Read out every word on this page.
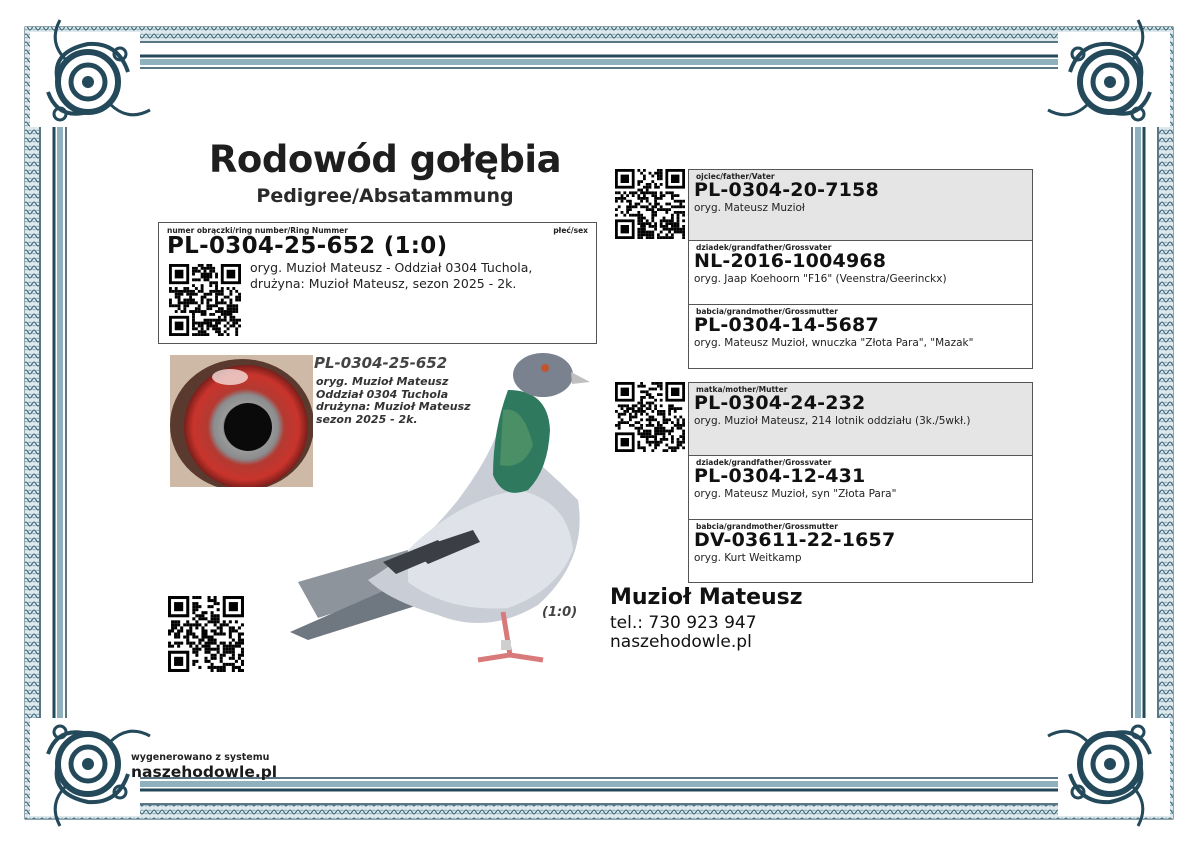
Rodowód gołębia
Pedigree/Absatammung
numer obrączki/ring number/Ring Nummer	płeć/sex
PL-0304-25-652 (1:0)
oryg. Muzioł Mateusz - Oddział 0304 Tuchola, drużyna: Muzioł Mateusz, sezon 2025 - 2k.
PL-0304-25-652
oryg. Muzioł Mateusz
Oddział 0304 Tuchola
drużyna: Muzioł Mateusz
sezon 2025 - 2k.
(1:0)
ojciec/father/Vater
PL-0304-20-7158
oryg. Mateusz Muzioł
dziadek/grandfather/Grossvater
NL-2016-1004968
oryg. Jaap Koehoorn "F16" (Veenstra/Geerinckx)
babcia/grandmother/Grossmutter
PL-0304-14-5687
oryg. Mateusz Muzioł, wnuczka "Złota Para", "Mazak"
matka/mother/Mutter
PL-0304-24-232
oryg. Muzioł Mateusz, 214 lotnik oddziału (3k./5wkł.)
dziadek/grandfather/Grossvater
PL-0304-12-431
oryg. Mateusz Muzioł, syn "Złota Para"
babcia/grandmother/Grossmutter
DV-03611-22-1657
oryg. Kurt Weitkamp
Muzioł Mateusz
tel.: 730 923 947
naszehodowle.pl
wygenerowano z systemu
naszehodowle.pl
